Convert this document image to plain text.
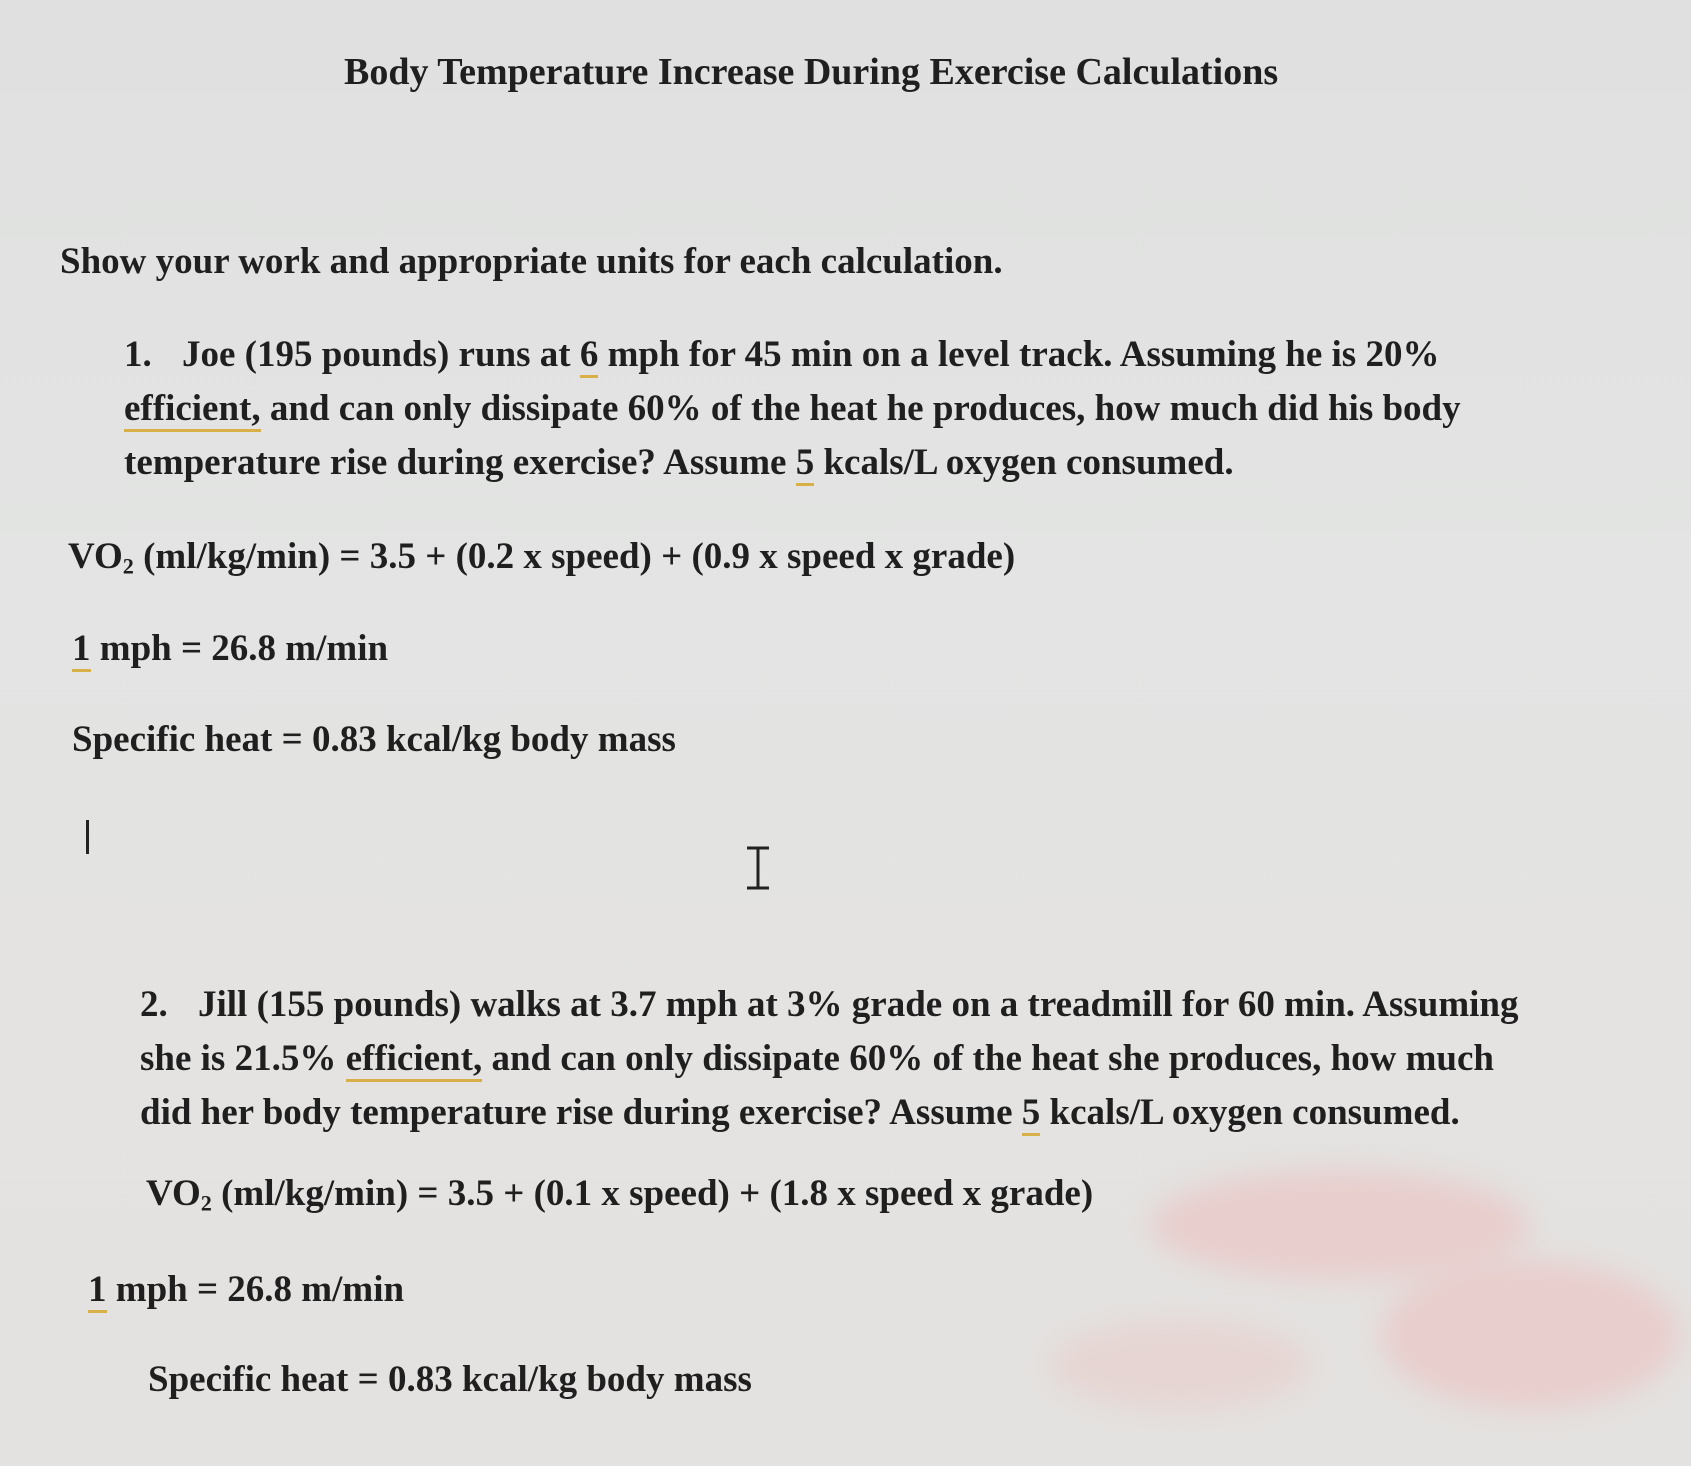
Body Temperature Increase During Exercise Calculations
Show your work and appropriate units for each calculation.
1. Joe (195 pounds) runs at 6 mph for 45 min on a level track. Assuming he is 20%
efficient, and can only dissipate 60% of the heat he produces, how much did his body
temperature rise during exercise? Assume 5 kcals/L oxygen consumed.
$VO_2$ (ml/kg/min) = 3.5 + (0.2 x speed) + (0.9 x speed x grade)
1 mph = 26.8 m/min
Specific heat = 0.83 kcal/kg body mass
2. Jill (155 pounds) walks at 3.7 mph at 3% grade on a treadmill for 60 min. Assuming
she is 21.5% efficient, and can only dissipate 60% of the heat she produces, how much
did her body temperature rise during exercise? Assume 5 kcals/L oxygen consumed.
$VO_2$ (ml/kg/min) = 3.5 + (0.1 x speed) + (1.8 x speed x grade)
1 mph = 26.8 m/min
Specific heat = 0.83 kcal/kg body mass
